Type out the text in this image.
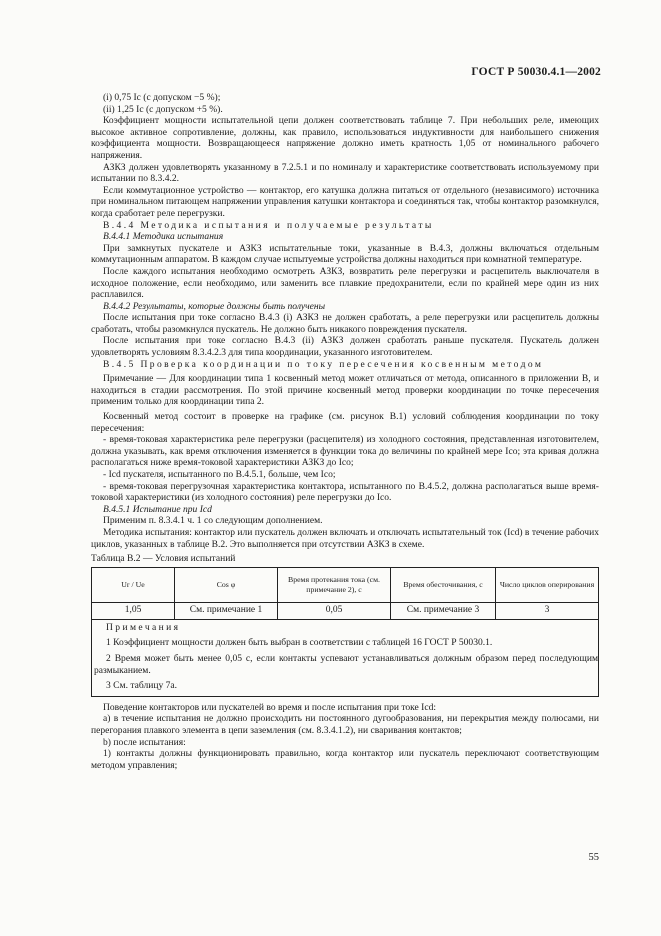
ГОСТ Р 50030.4.1—2002

(i) 0,75 Ic (с допуском −5 %);

(ii) 1,25 Ic (с допуском +5 %).

Коэффициент мощности испытательной цепи должен соответствовать таблице 7. При небольших реле, имеющих высокое активное сопротивление, должны, как правило, использоваться индуктивности для наибольшего снижения коэффициента мощности. Возвращающееся напряжение должно иметь кратность 1,05 от номинального рабочего напряжения.

АЗКЗ должен удовлетворять указанному в 7.2.5.1 и по номиналу и характеристике соответствовать используемому при испытании по 8.3.4.2.

Если коммутационное устройство — контактор, его катушка должна питаться от отдельного (независимого) источника при номинальном питающем напряжении управления катушки контактора и соединяться так, чтобы контактор разомкнулся, когда сработает реле перегрузки.

В.4.4 Методика испытания и получаемые результаты

В.4.4.1 Методика испытания

При замкнутых пускателе и АЗКЗ испытательные токи, указанные в В.4.3, должны включаться отдельным коммутационным аппаратом. В каждом случае испытуемые устройства должны находиться при комнатной температуре.

После каждого испытания необходимо осмотреть АЗКЗ, возвратить реле перегрузки и расцепитель выключателя в исходное положение, если необходимо, или заменить все плавкие предохранители, если по крайней мере один из них расплавился.

В.4.4.2 Результаты, которые должны быть получены

После испытания при токе согласно В.4.3 (i) АЗКЗ не должен сработать, а реле перегрузки или расцепитель должны сработать, чтобы разомкнулся пускатель. Не должно быть никакого повреждения пускателя.

После испытания при токе согласно В.4.3 (ii) АЗКЗ должен сработать раньше пускателя. Пускатель должен удовлетворять условиям 8.3.4.2.3 для типа координации, указанного изготовителем.

В.4.5 Проверка координации по току пересечения косвенным методом

Примечание — Для координации типа 1 косвенный метод может отличаться от метода, описанного в приложении В, и находиться в стадии рассмотрения. По этой причине косвенный метод проверки координации по точке пересечения применим только для координации типа 2.

Косвенный метод состоит в проверке на графике (см. рисунок В.1) условий соблюдения координации по току пересечения:

- время-токовая характеристика реле перегрузки (расцепителя) из холодного состояния, представленная изготовителем, должна указывать, как время отключения изменяется в функции тока до величины по крайней мере Ico; эта кривая должна располагаться ниже время-токовой характеристики АЗКЗ до Ico;

- Icd пускателя, испытанного по В.4.5.1, больше, чем Ico;

- время-токовая перегрузочная характеристика контактора, испытанного по В.4.5.2, должна располагаться выше время-токовой характеристики (из холодного состояния) реле перегрузки до Ico.

В.4.5.1 Испытание при Icd

Применим п. 8.3.4.1 ч. 1 со следующим дополнением.

Методика испытания: контактор или пускатель должен включать и отключать испытательный ток (Icd) в течение рабочих циклов, указанных в таблице В.2. Это выполняется при отсутствии АЗКЗ в схеме.

Таблица В.2 — Условия испытаний

Ur / Ue	Cos φ	Время протекания тока (см. примечание 2), с	Время обесточивания, с	Число циклов оперирования
1,05	См. примечание 1	0,05	См. примечание 3	3

Примечания

1 Коэффициент мощности должен быть выбран в соответствии с таблицей 16 ГОСТ Р 50030.1.

2 Время может быть менее 0,05 с, если контакты успевают устанавливаться должным образом перед последующим размыканием.

3 См. таблицу 7а.

Поведение контакторов или пускателей во время и после испытания при токе Icd:

а) в течение испытания не должно происходить ни постоянного дугообразования, ни перекрытия между полюсами, ни перегорания плавкого элемента в цепи заземления (см. 8.3.4.1.2), ни сваривания контактов;

b) после испытания:

1) контакты должны функционировать правильно, когда контактор или пускатель переключают соответствующим методом управления;

55
